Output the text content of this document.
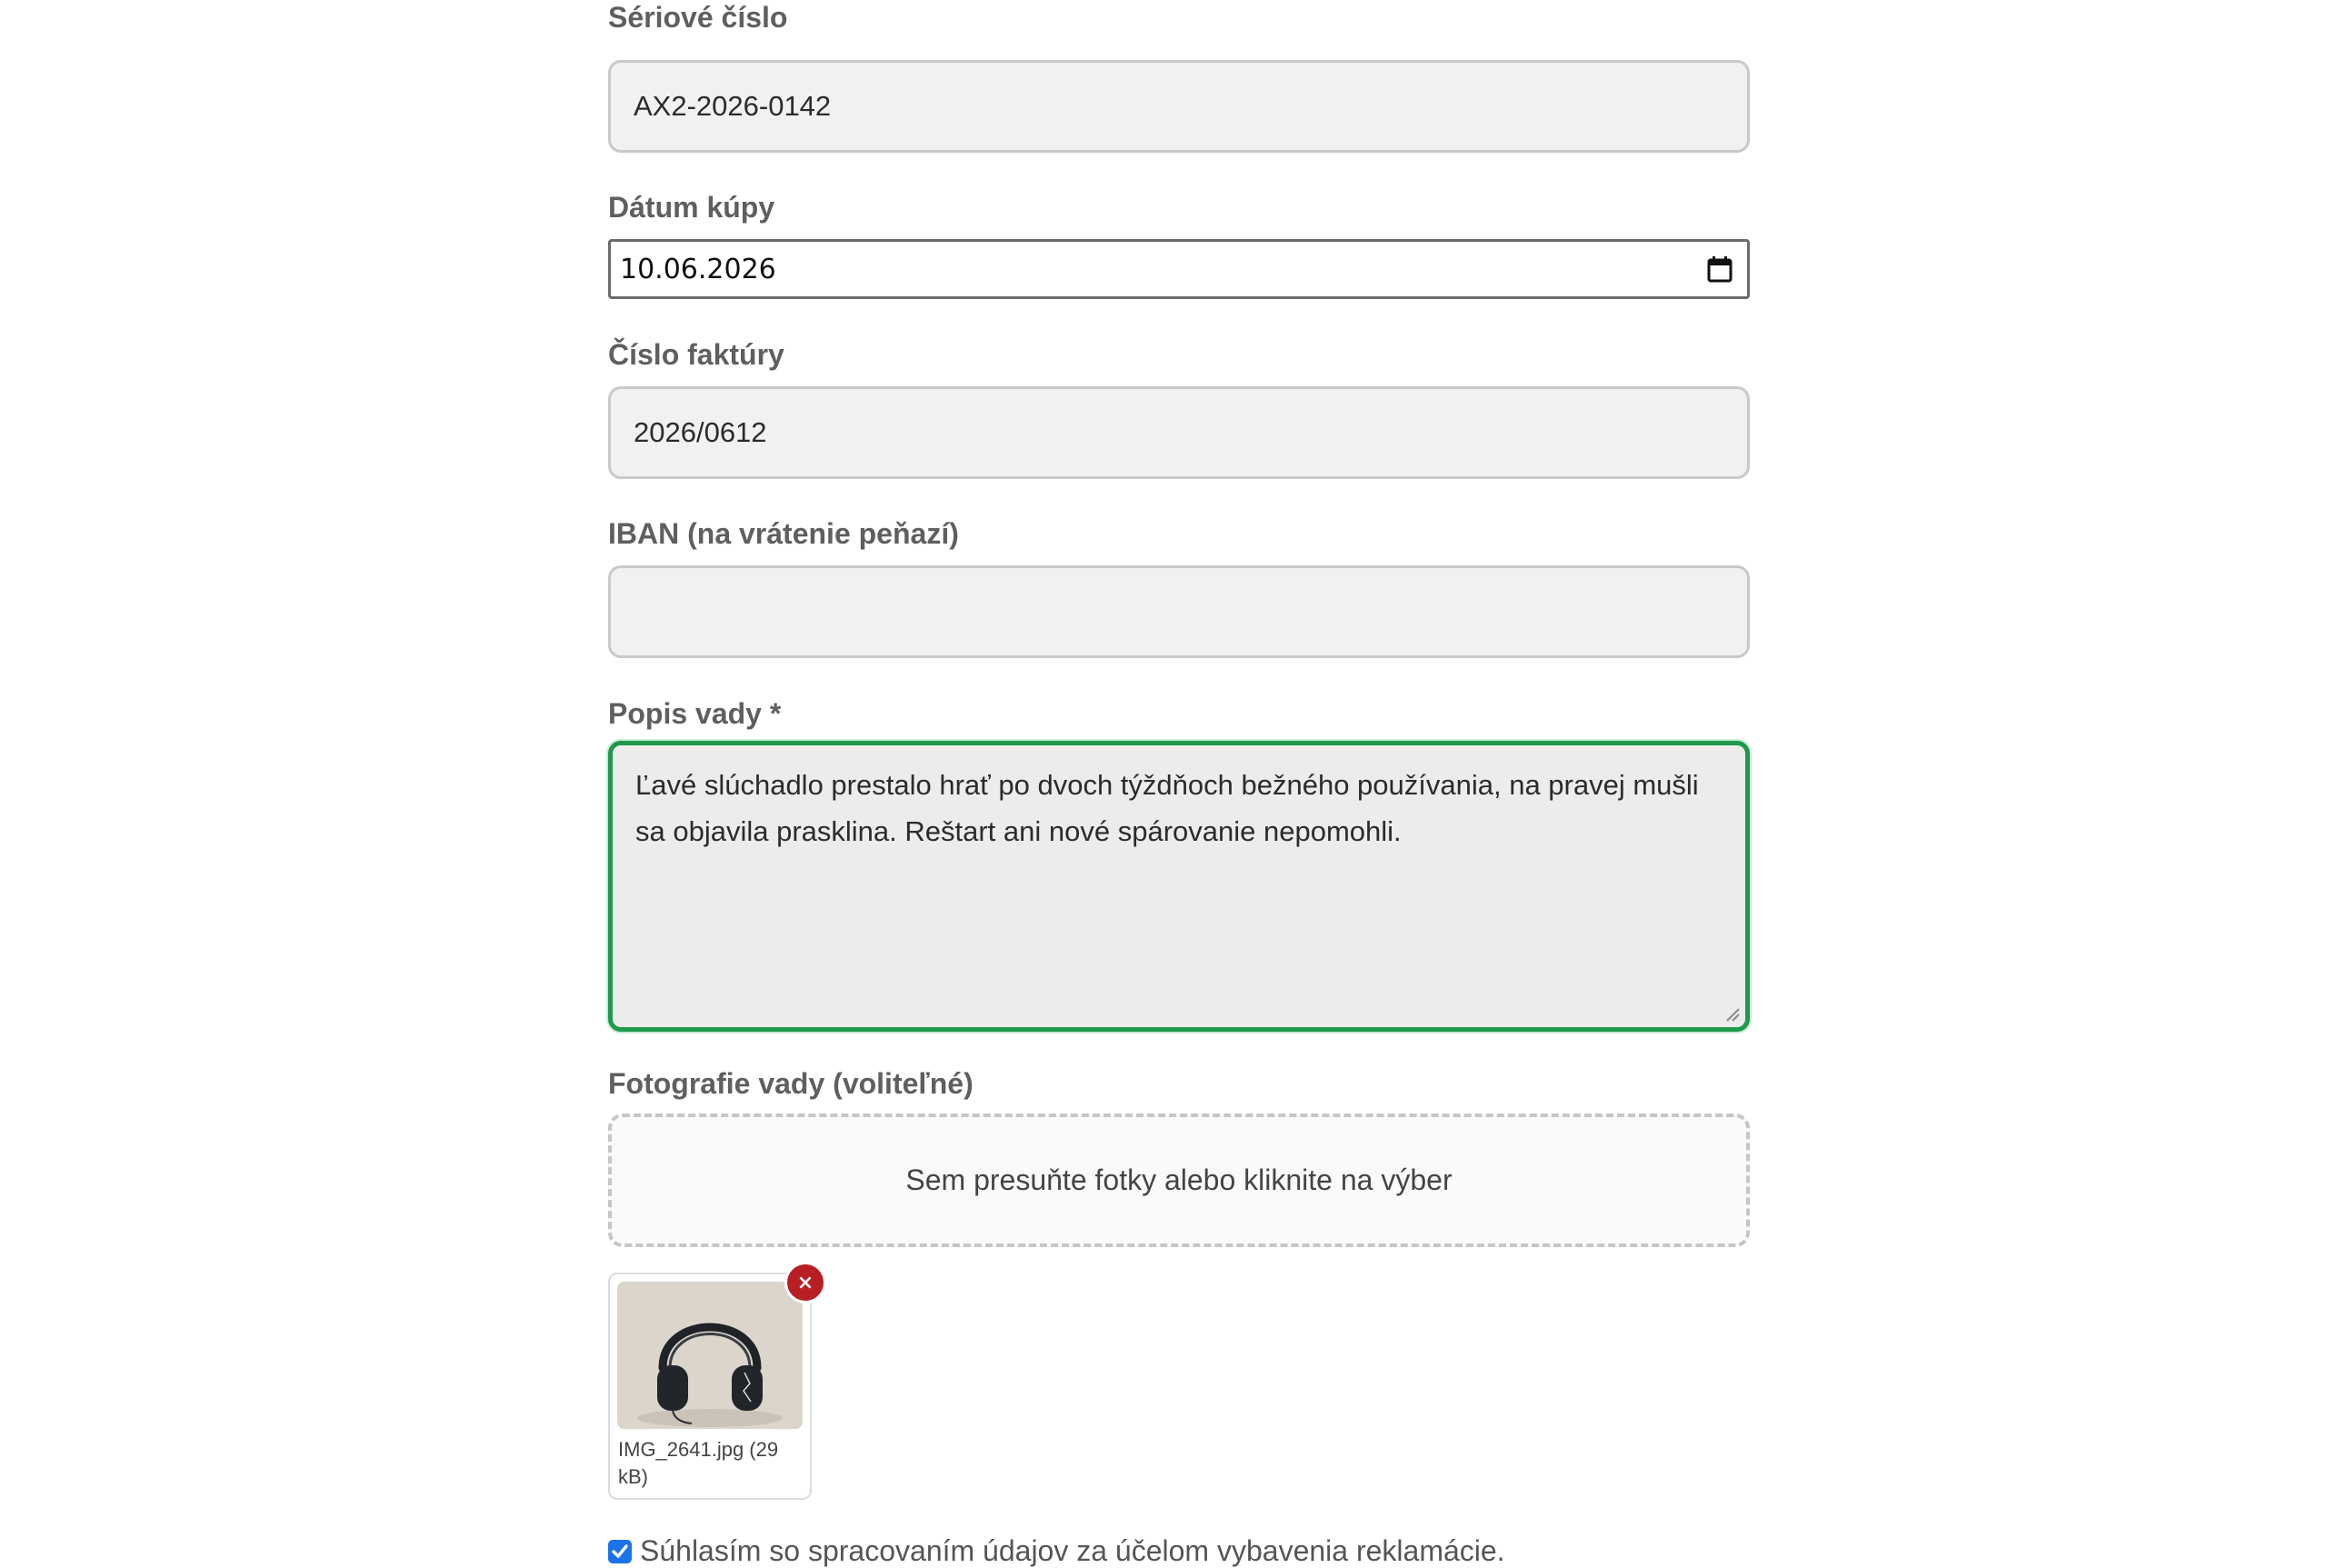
Sériové číslo
AX2-2026-0142
Dátum kúpy
10.06.2026
Číslo faktúry
2026/0612
IBAN (na vrátenie peňazí)
Popis vady *
Ľavé slúchadlo prestalo hrať po dvoch týždňoch bežného používania, na pravej mušli sa objavila prasklina. Reštart ani nové spárovanie nepomohli.
Fotografie vady (voliteľné)
Sem presuňte fotky alebo kliknite na výber
IMG_2641.jpg (29 kB)
×
Súhlasím so spracovaním údajov za účelom vybavenia reklamácie.
